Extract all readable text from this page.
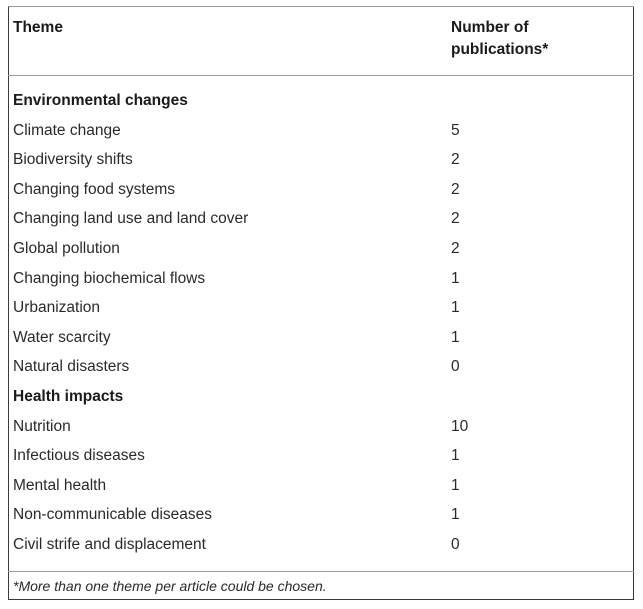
Theme	Number of
publications*
Environmental changes
Climate change	5
Biodiversity shifts	2
Changing food systems	2
Changing land use and land cover	2
Global pollution	2
Changing biochemical flows	1
Urbanization	1
Water scarcity	1
Natural disasters	0
Health impacts
Nutrition	10
Infectious diseases	1
Mental health	1
Non-communicable diseases	1
Civil strife and displacement	0
*More than one theme per article could be chosen.
